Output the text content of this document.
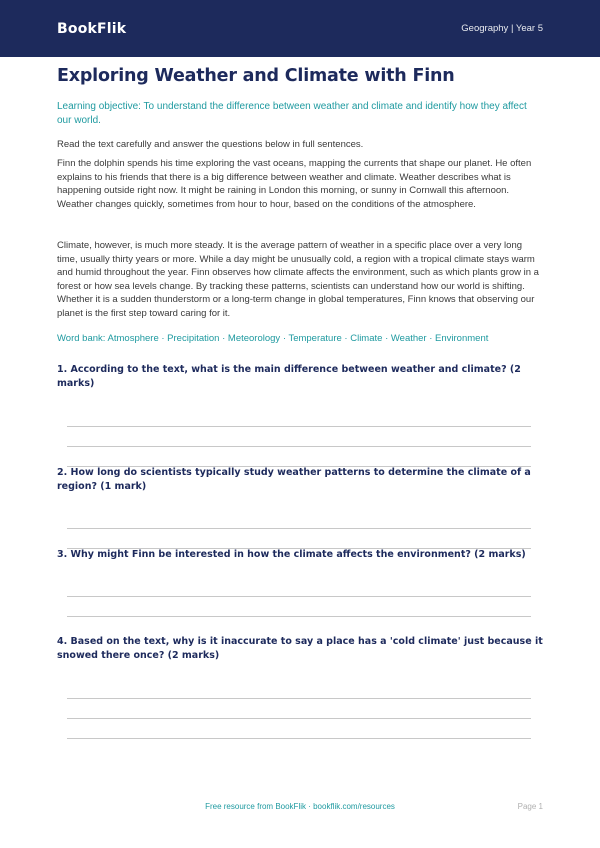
BookFlik	Geography | Year 5
Exploring Weather and Climate with Finn
Learning objective: To understand the difference between weather and climate and identify how they affect our world.
Read the text carefully and answer the questions below in full sentences.
Finn the dolphin spends his time exploring the vast oceans, mapping the currents that shape our planet. He often explains to his friends that there is a big difference between weather and climate. Weather describes what is happening outside right now. It might be raining in London this morning, or sunny in Cornwall this afternoon. Weather changes quickly, sometimes from hour to hour, based on the conditions of the atmosphere.
Climate, however, is much more steady. It is the average pattern of weather in a specific place over a very long time, usually thirty years or more. While a day might be unusually cold, a region with a tropical climate stays warm and humid throughout the year. Finn observes how climate affects the environment, such as which plants grow in a forest or how sea levels change. By tracking these patterns, scientists can understand how our world is shifting. Whether it is a sudden thunderstorm or a long-term change in global temperatures, Finn knows that observing our planet is the first step toward caring for it.
Word bank: Atmosphere · Precipitation · Meteorology · Temperature · Climate · Weather · Environment
1. According to the text, what is the main difference between weather and climate? (2 marks)
2. How long do scientists typically study weather patterns to determine the climate of a region? (1 mark)
3. Why might Finn be interested in how the climate affects the environment? (2 marks)
4. Based on the text, why is it inaccurate to say a place has a 'cold climate' just because it snowed there once? (2 marks)
Free resource from BookFlik · bookflik.com/resources	Page 1
